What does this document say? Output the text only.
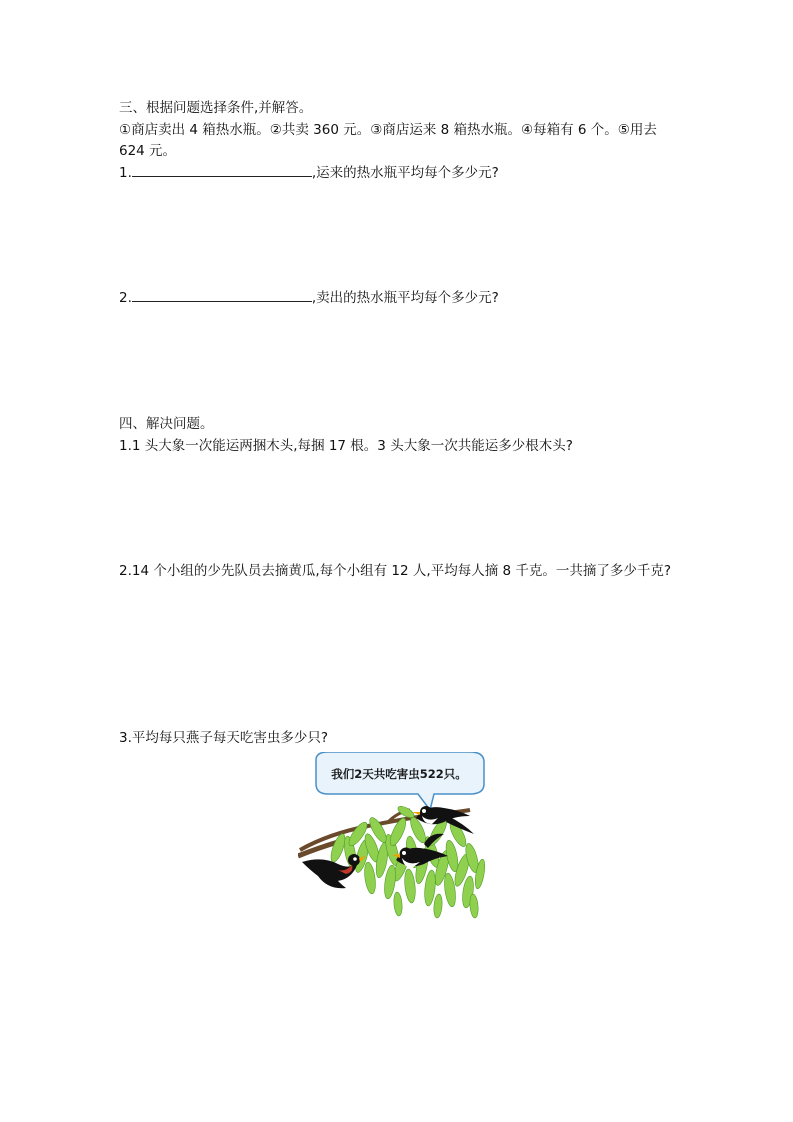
三、根据问题选择条件,并解答。
①商店卖出 4 箱热水瓶。②共卖 360 元。③商店运来 8 箱热水瓶。④每箱有 6 个。⑤用去
624 元。
1.	,运来的热水瓶平均每个多少元?
2.	,卖出的热水瓶平均每个多少元?
四、解决问题。
1.1 头大象一次能运两捆木头,每捆 17 根。3 头大象一次共能运多少根木头?
2.14 个小组的少先队员去摘黄瓜,每个小组有 12 人,平均每人摘 8 千克。一共摘了多少千克?
3.平均每只燕子每天吃害虫多少只?
我们2天共吃害虫522只。
